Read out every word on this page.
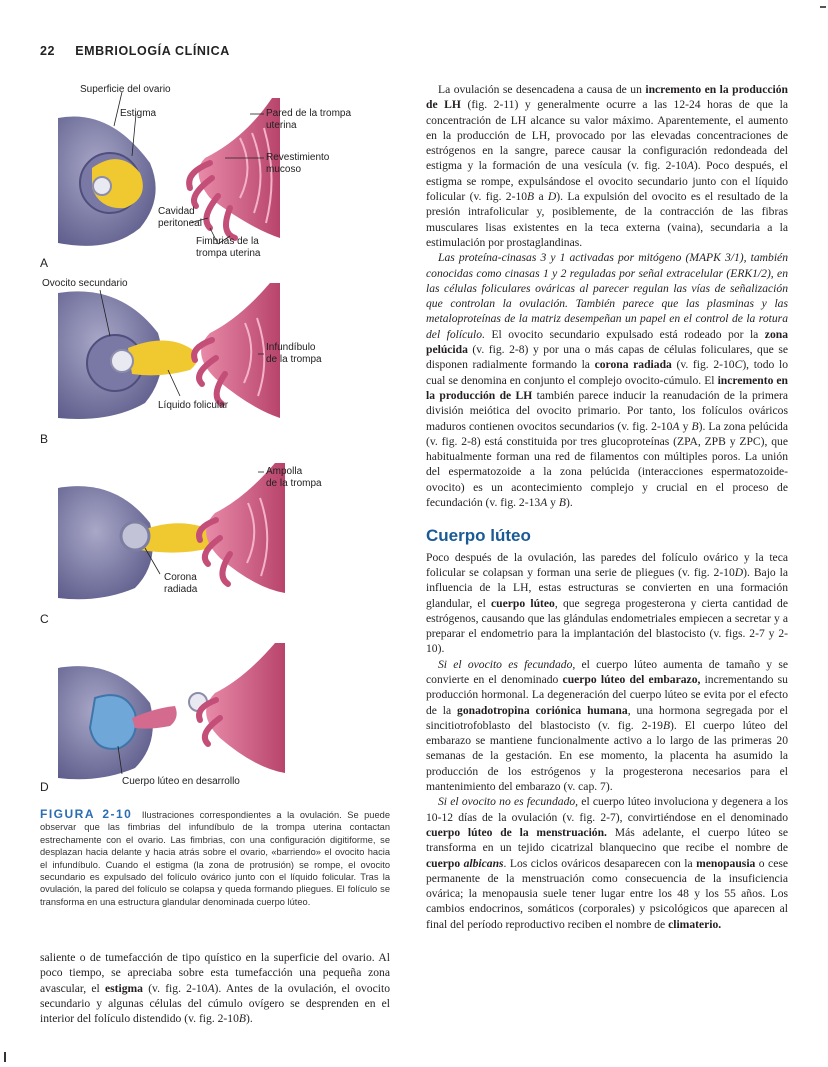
22 EMBRIOLOGÍA CLÍNICA
Superficie del ovario
Estigma	Pared de la trompa
uterina
Revestimiento
mucoso
Cavidad
peritoneal
Fimbrias de la
trompa uterina
A
Ovocito secundario
Infundíbulo
de la trompa
Líquido folicular
B
Ampolla
de la trompa
Corona
radiada
C
Cuerpo lúteo en desarrollo
D
FIGURA 2-10 Ilustraciones correspondientes a la ovulación. Se puede observar que las fimbrias del infundíbulo de la trompa uterina contactan estrechamente con el ovario. Las fimbrias, con una configuración digitiforme, se desplazan hacia delante y hacia atrás sobre el ovario, «barriendo» el ovocito hacia el infundíbulo. Cuando el estigma (la zona de protrusión) se rompe, el ovocito secundario es expulsado del folículo ovárico junto con el líquido folicular. Tras la ovulación, la pared del folículo se colapsa y queda formando pliegues. El folículo se transforma en una estructura glandular denominada cuerpo lúteo.
saliente o de tumefacción de tipo quístico en la superficie del ovario. Al poco tiempo, se apreciaba sobre esta tumefacción una pequeña zona avascular, el estigma (v. fig. 2-10A). Antes de la ovulación, el ovocito secundario y algunas células del cúmulo ovígero se desprenden en el interior del folículo distendido (v. fig. 2-10B).

La ovulación se desencadena a causa de un incremento en la producción de LH (fig. 2-11) y generalmente ocurre a las 12-24 horas de que la concentración de LH alcance su valor máximo. Aparentemente, el aumento en la producción de LH, provocado por las elevadas concentraciones de estrógenos en la sangre, parece causar la configuración redondeada del estigma y la formación de una vesícula (v. fig. 2-10A). Poco después, el estigma se rompe, expulsándose el ovocito secundario junto con el líquido folicular (v. fig. 2-10B a D). La expulsión del ovocito es el resultado de la presión intrafolicular y, posiblemente, de la contracción de las fibras musculares lisas existentes en la teca externa (vaina), secundaria a la estimulación por prostaglandinas.

Las proteína-cinasas 3 y 1 activadas por mitógeno (MAPK 3/1), también conocidas como cinasas 1 y 2 reguladas por señal extracelular (ERK1/2), en las células foliculares ováricas al parecer regulan las vías de señalización que controlan la ovulación. También parece que las plasminas y las metaloproteínas de la matriz desempeñan un papel en el control de la rotura del folículo. El ovocito secundario expulsado está rodeado por la zona pelúcida (v. fig. 2-8) y por una o más capas de células foliculares, que se disponen radialmente formando la corona radiada (v. fig. 2-10C), todo lo cual se denomina en conjunto el complejo ovocito-cúmulo. El incremento en la producción de LH también parece inducir la reanudación de la primera división meiótica del ovocito primario. Por tanto, los folículos ováricos maduros contienen ovocitos secundarios (v. fig. 2-10A y B). La zona pelúcida (v. fig. 2-8) está constituida por tres glucoproteínas (ZPA, ZPB y ZPC), que habitualmente forman una red de filamentos con múltiples poros. La unión del espermatozoide a la zona pelúcida (interacciones espermatozoide-ovocito) es un acontecimiento complejo y crucial en el proceso de fecundación (v. fig. 2-13A y B).

Cuerpo lúteo

Poco después de la ovulación, las paredes del folículo ovárico y la teca folicular se colapsan y forman una serie de pliegues (v. fig. 2-10D). Bajo la influencia de la LH, estas estructuras se convierten en una formación glandular, el cuerpo lúteo, que segrega progesterona y cierta cantidad de estrógenos, causando que las glándulas endometriales empiecen a secretar y a preparar el endometrio para la implantación del blastocisto (v. figs. 2-7 y 2-10).

Si el ovocito es fecundado, el cuerpo lúteo aumenta de tamaño y se convierte en el denominado cuerpo lúteo del embarazo, incrementando su producción hormonal. La degeneración del cuerpo lúteo se evita por el efecto de la gonadotropina coriónica humana, una hormona segregada por el sincitiotrofoblasto del blastocisto (v. fig. 2-19B). El cuerpo lúteo del embarazo se mantiene funcionalmente activo a lo largo de las primeras 20 semanas de la gestación. En ese momento, la placenta ha asumido la producción de los estrógenos y la progesterona necesarios para el mantenimiento del embarazo (v. cap. 7).

Si el ovocito no es fecundado, el cuerpo lúteo involuciona y degenera a los 10-12 días de la ovulación (v. fig. 2-7), convirtiéndose en el denominado cuerpo lúteo de la menstruación. Más adelante, el cuerpo lúteo se transforma en un tejido cicatrizal blanquecino que recibe el nombre de cuerpo albicans. Los ciclos ováricos desaparecen con la menopausia o cese permanente de la menstruación como consecuencia de la insuficiencia ovárica; la menopausia suele tener lugar entre los 48 y los 55 años. Los cambios endocrinos, somáticos (corporales) y psicológicos que aparecen al final del período reproductivo reciben el nombre de climaterio.
